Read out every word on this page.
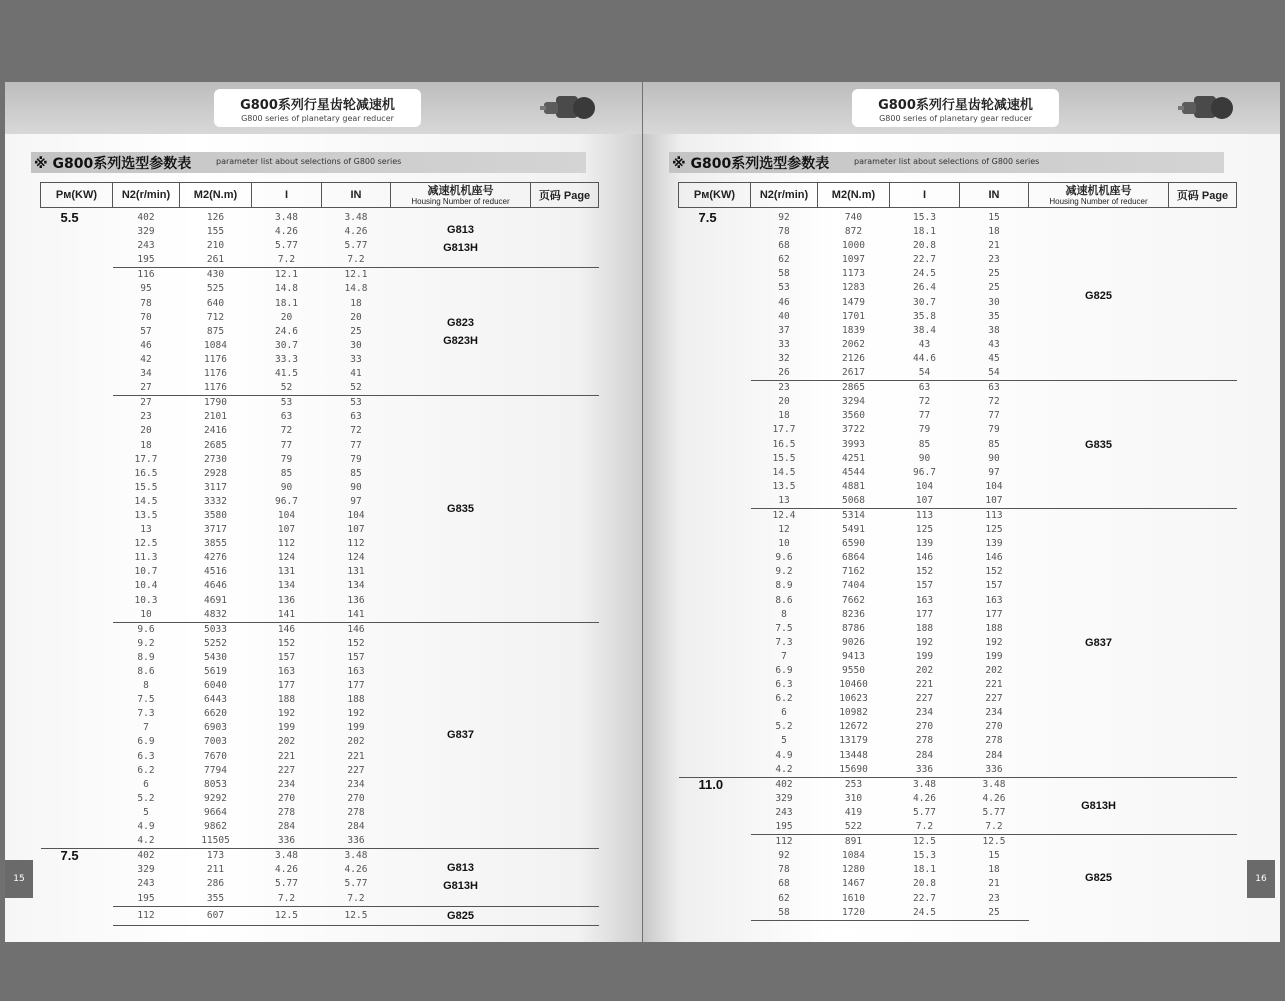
G800系列行星齿轮减速机
G800 series of planetary gear reducer
※ G800系列选型参数表	parameter list about selections of G800 series
Pм(KW)	N2(r/min)	M2(N.m)	I	IN	减速机机座号
Housing Number of reducer	页码 Page

5.5	402	126	3.48	3.48	G813
G813H	

	329	155	4.26	4.26		
	243	210	5.77	5.77		
	195	261	7.2	7.2		
	116	430	12.1	12.1	G823
G823H	

	95	525	14.8	14.8		
	78	640	18.1	18		
	70	712	20	20		
	57	875	24.6	25		
	46	1084	30.7	30		
	42	1176	33.3	33		
	34	1176	41.5	41		
	27	1176	52	52		
	27	1790	53	53	G835	

	23	2101	63	63		
	20	2416	72	72		
	18	2685	77	77		
	17.7	2730	79	79		
	16.5	2928	85	85		
	15.5	3117	90	90		
	14.5	3332	96.7	97		
	13.5	3580	104	104		
	13	3717	107	107		
	12.5	3855	112	112		
	11.3	4276	124	124		
	10.7	4516	131	131		
	10.4	4646	134	134		
	10.3	4691	136	136		
	10	4832	141	141		
	9.6	5033	146	146	G837	

	9.2	5252	152	152		
	8.9	5430	157	157		
	8.6	5619	163	163		
	8	6040	177	177		
	7.5	6443	188	188		
	7.3	6620	192	192		
	7	6903	199	199		
	6.9	7003	202	202		
	6.3	7670	221	221		
	6.2	7794	227	227		
	6	8053	234	234		
	5.2	9292	270	270		
	5	9664	278	278		
	4.9	9862	284	284		
	4.2	11505	336	336		
7.5	402	173	3.48	3.48	G813
G813H	

	329	211	4.26	4.26		
	243	286	5.77	5.77		
	195	355	7.2	7.2		
	112	607	12.5	12.5	G825	

G800系列行星齿轮减速机
G800 series of planetary gear reducer
※ G800系列选型参数表	parameter list about selections of G800 series
Pм(KW)	N2(r/min)	M2(N.m)	I	IN	减速机机座号
Housing Number of reducer	页码 Page

7.5	92	740	15.3	15	G825	

	78	872	18.1	18		
	68	1000	20.8	21		
	62	1097	22.7	23		
	58	1173	24.5	25		
	53	1283	26.4	25		
	46	1479	30.7	30		
	40	1701	35.8	35		
	37	1839	38.4	38		
	33	2062	43	43		
	32	2126	44.6	45		
	26	2617	54	54		
	23	2865	63	63	G835	

	20	3294	72	72		
	18	3560	77	77		
	17.7	3722	79	79		
	16.5	3993	85	85		
	15.5	4251	90	90		
	14.5	4544	96.7	97		
	13.5	4881	104	104		
	13	5068	107	107		
	12.4	5314	113	113	G837	

	12	5491	125	125		
	10	6590	139	139		
	9.6	6864	146	146		
	9.2	7162	152	152		
	8.9	7404	157	157		
	8.6	7662	163	163		
	8	8236	177	177		
	7.5	8786	188	188		
	7.3	9026	192	192		
	7	9413	199	199		
	6.9	9550	202	202		
	6.3	10460	221	221		
	6.2	10623	227	227		
	6	10982	234	234		
	5.2	12672	270	270		
	5	13179	278	278		
	4.9	13448	284	284		
	4.2	15690	336	336		
11.0	402	253	3.48	3.48	G813H	

	329	310	4.26	4.26		
	243	419	5.77	5.77		
	195	522	7.2	7.2		
	112	891	12.5	12.5	G825	

	92	1084	15.3	15		
	78	1280	18.1	18		
	68	1467	20.8	21		
	62	1610	22.7	23		
	58	1720	24.5	25		
15	16
